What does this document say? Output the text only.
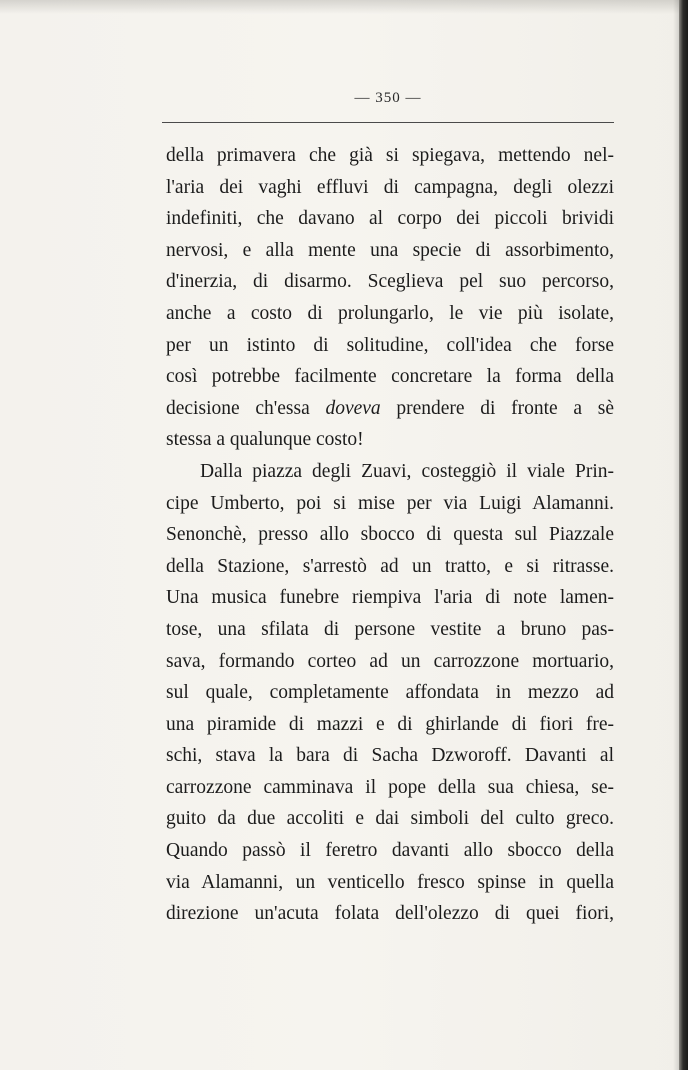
— 350 —
della primavera che già si spiegava, mettendo nel-
l'aria dei vaghi effluvi di campagna, degli olezzi
indefiniti, che davano al corpo dei piccoli brividi
nervosi, e alla mente una specie di assorbimento,
d'inerzia, di disarmo. Sceglieva pel suo percorso,
anche a costo di prolungarlo, le vie più isolate,
per un istinto di solitudine, coll'idea che forse
così potrebbe facilmente concretare la forma della
decisione ch'essa doveva prendere di fronte a sè
stessa a qualunque costo!
Dalla piazza degli Zuavi, costeggiò il viale Prin-
cipe Umberto, poi si mise per via Luigi Alamanni.
Senonchè, presso allo sbocco di questa sul Piazzale
della Stazione, s'arrestò ad un tratto, e si ritrasse.
Una musica funebre riempiva l'aria di note lamen-
tose, una sfilata di persone vestite a bruno pas-
sava, formando corteo ad un carrozzone mortuario,
sul quale, completamente affondata in mezzo ad
una piramide di mazzi e di ghirlande di fiori fre-
schi, stava la bara di Sacha Dzworoff. Davanti al
carrozzone camminava il pope della sua chiesa, se-
guito da due accoliti e dai simboli del culto greco.
Quando passò il feretro davanti allo sbocco della
via Alamanni, un venticello fresco spinse in quella
direzione un'acuta folata dell'olezzo di quei fiori,
